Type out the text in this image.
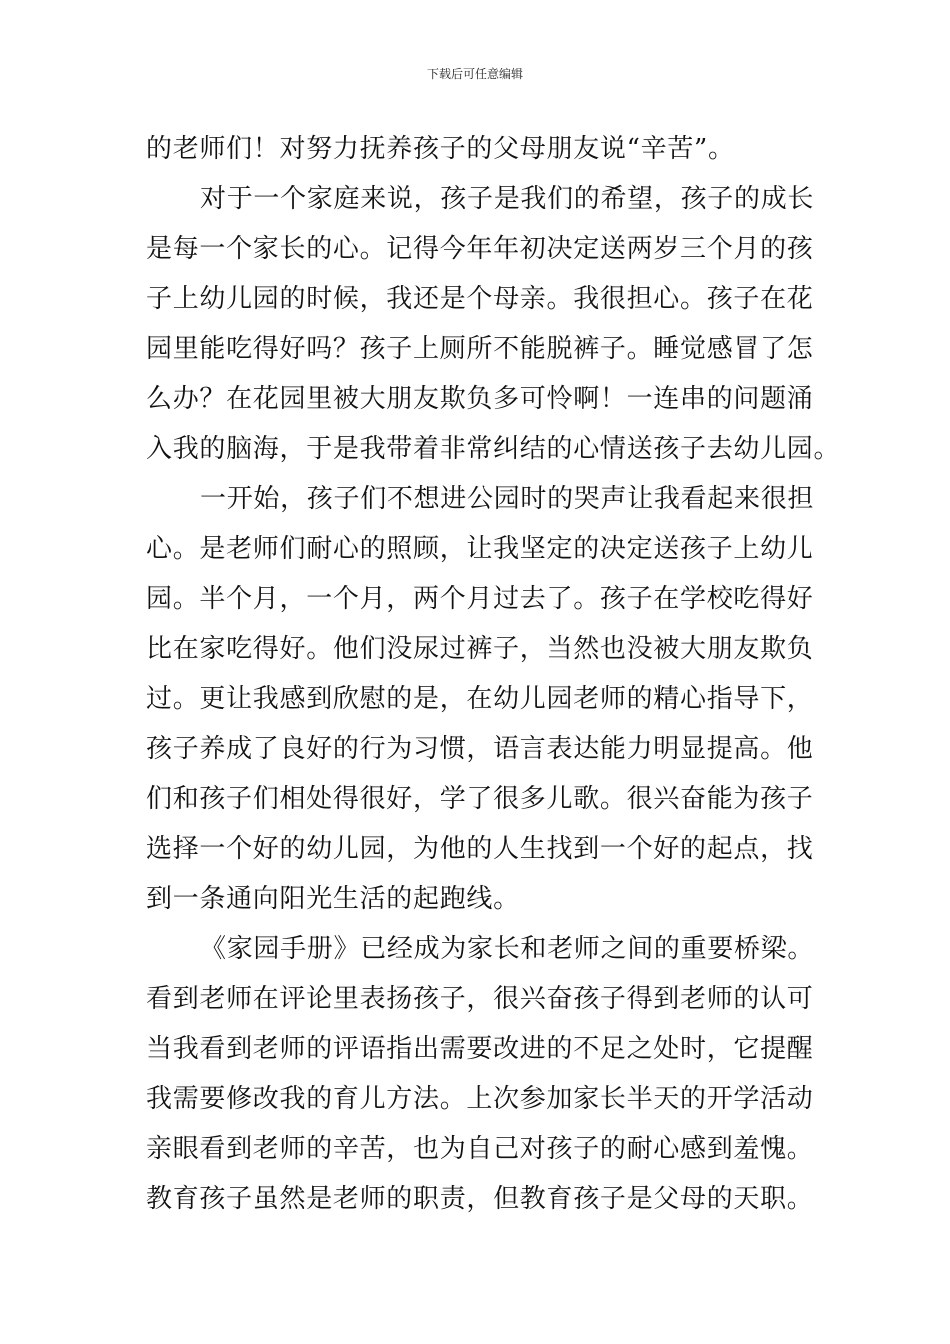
下载后可任意编辑
的老师们！对努力抚养孩子的父母朋友说“辛苦”。
对于一个家庭来说，孩子是我们的希望，孩子的成长
是每一个家长的心。记得今年年初决定送两岁三个月的孩
子上幼儿园的时候，我还是个母亲。我很担心。孩子在花
园里能吃得好吗？孩子上厕所不能脱裤子。睡觉感冒了怎
么办？在花园里被大朋友欺负多可怜啊！一连串的问题涌
入我的脑海，于是我带着非常纠结的心情送孩子去幼儿园。
一开始，孩子们不想进公园时的哭声让我看起来很担
心。是老师们耐心的照顾，让我坚定的决定送孩子上幼儿
园。半个月，一个月，两个月过去了。孩子在学校吃得好
比在家吃得好。他们没尿过裤子，当然也没被大朋友欺负
过。更让我感到欣慰的是，在幼儿园老师的精心指导下，
孩子养成了良好的行为习惯，语言表达能力明显提高。他
们和孩子们相处得很好，学了很多儿歌。很兴奋能为孩子
选择一个好的幼儿园，为他的人生找到一个好的起点，找
到一条通向阳光生活的起跑线。
《家园手册》已经成为家长和老师之间的重要桥梁。
看到老师在评论里表扬孩子，很兴奋孩子得到老师的认可
当我看到老师的评语指出需要改进的不足之处时，它提醒
我需要修改我的育儿方法。上次参加家长半天的开学活动
亲眼看到老师的辛苦，也为自己对孩子的耐心感到羞愧。
教育孩子虽然是老师的职责，但教育孩子是父母的天职。
